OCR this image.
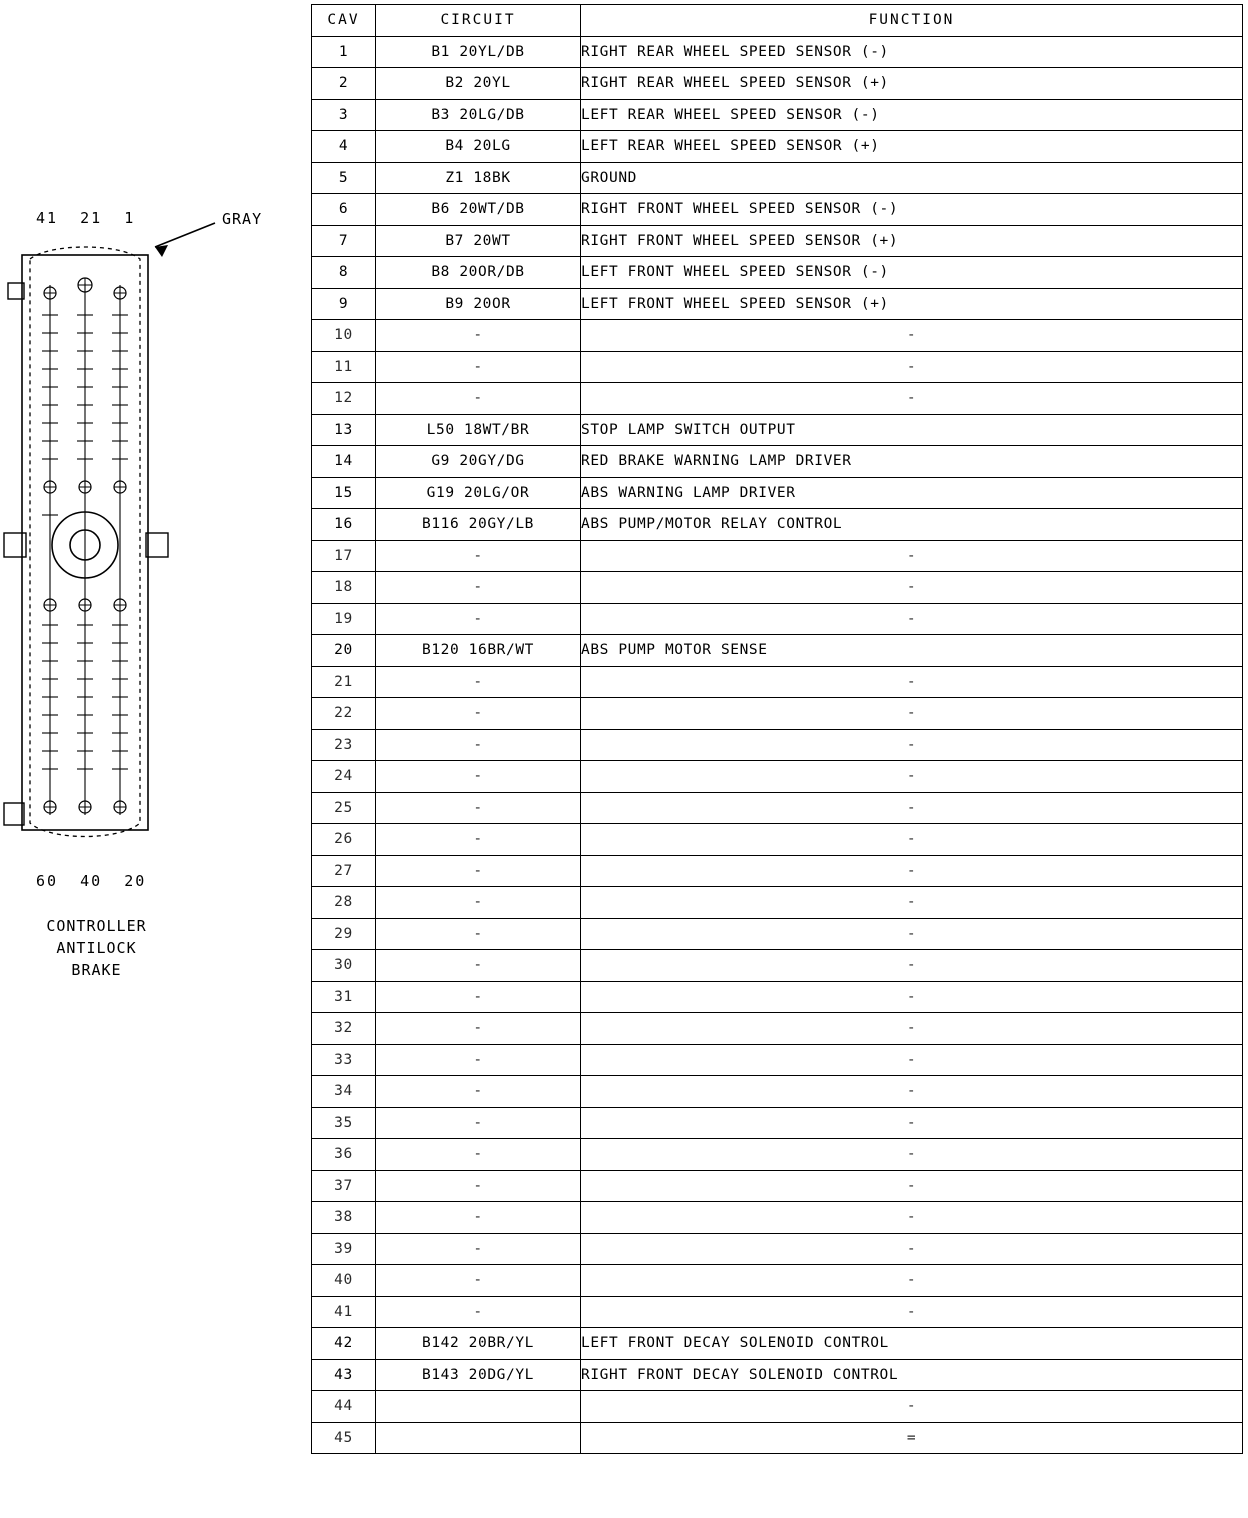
41  21  1	GRAY
60  40  20
CONTROLLER
ANTILOCK
BRAKE
CAV	CIRCUIT	FUNCTION
1	B1 20YL/DB	RIGHT REAR WHEEL SPEED SENSOR (-)
2	B2 20YL	RIGHT REAR WHEEL SPEED SENSOR (+)
3	B3 20LG/DB	LEFT REAR WHEEL SPEED SENSOR (-)
4	B4 20LG	LEFT REAR WHEEL SPEED SENSOR (+)
5	Z1 18BK	GROUND
6	B6 20WT/DB	RIGHT FRONT WHEEL SPEED SENSOR (-)
7	B7 20WT	RIGHT FRONT WHEEL SPEED SENSOR (+)
8	B8 20OR/DB	LEFT FRONT WHEEL SPEED SENSOR (-)
9	B9 20OR	LEFT FRONT WHEEL SPEED SENSOR (+)
10	-	-
11	-	-
12	-	-
13	L50 18WT/BR	STOP LAMP SWITCH OUTPUT
14	G9 20GY/DG	RED BRAKE WARNING LAMP DRIVER
15	G19 20LG/OR	ABS WARNING LAMP DRIVER
16	B116 20GY/LB	ABS PUMP/MOTOR RELAY CONTROL
17	-	-
18	-	-
19	-	-
20	B120 16BR/WT	ABS PUMP MOTOR SENSE
21	-	-
22	-	-
23	-	-
24	-	-
25	-	-
26	-	-
27	-	-
28	-	-
29	-	-
30	-	-
31	-	-
32	-	-
33	-	-
34	-	-
35	-	-
36	-	-
37	-	-
38	-	-
39	-	-
40	-	-
41	-	-
42	B142 20BR/YL	LEFT FRONT DECAY SOLENOID CONTROL
43	B143 20DG/YL	RIGHT FRONT DECAY SOLENOID CONTROL
44		-
45		=
